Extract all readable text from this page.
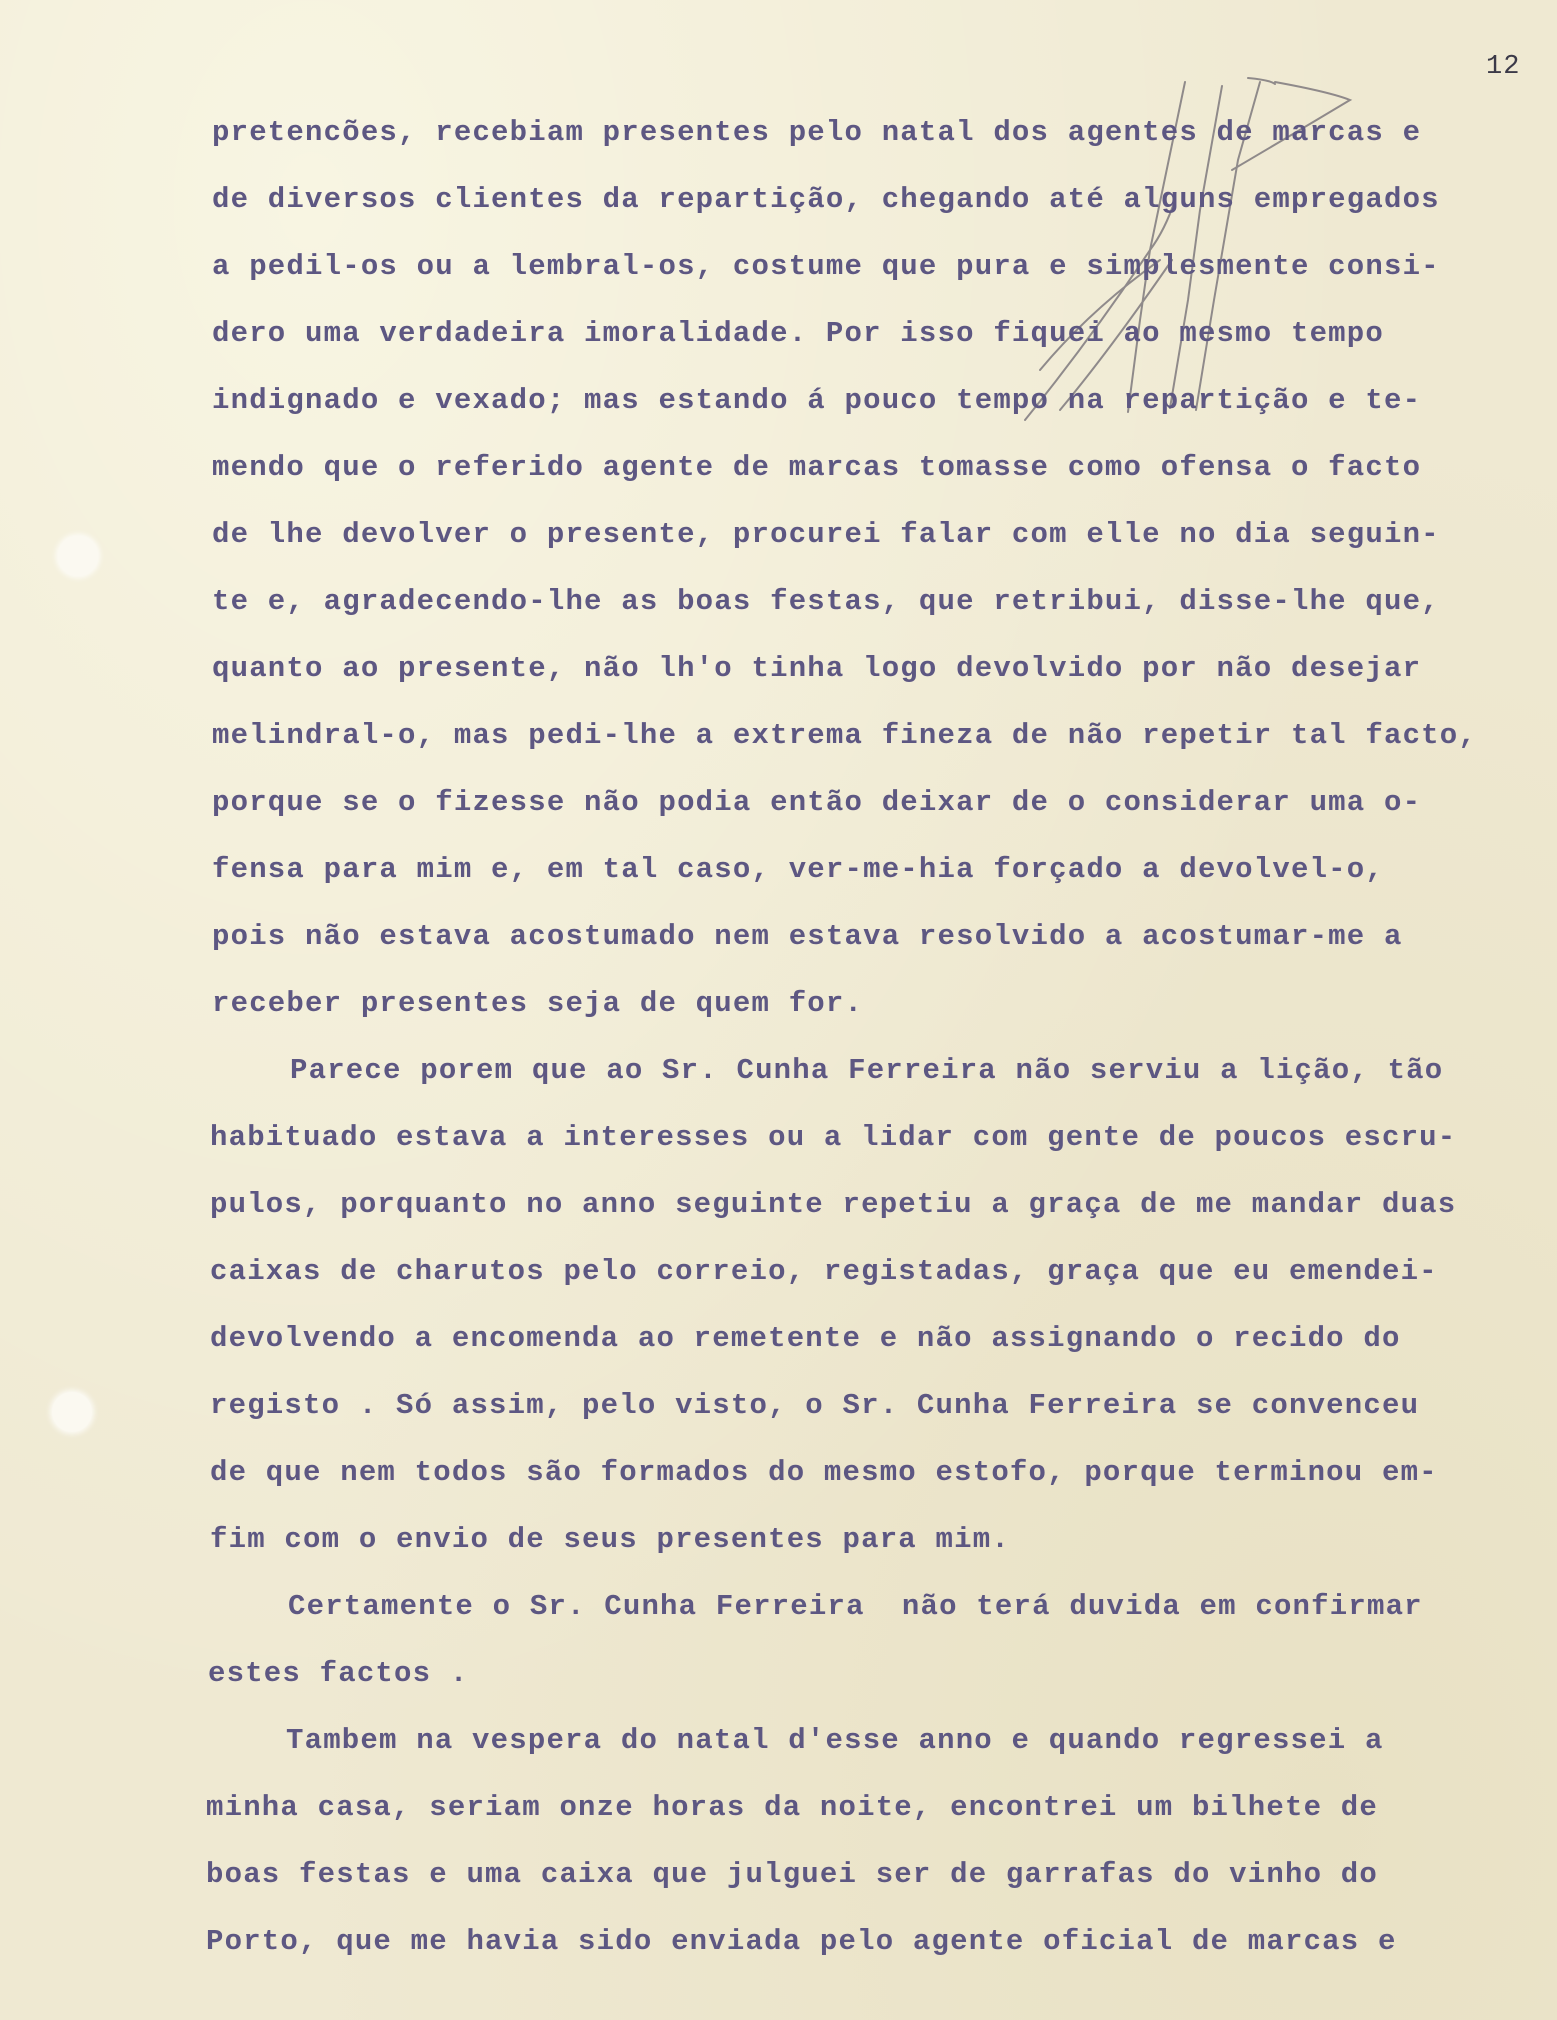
12
pretencões, recebiam presentes pelo natal dos agentes de marcas e
de diversos clientes da repartição, chegando até alguns empregados
a pedil-os ou a lembral-os, costume que pura e simplesmente consi-
dero uma verdadeira imoralidade. Por isso fiquei ao mesmo tempo
indignado e vexado; mas estando á pouco tempo na repartição e te-
mendo que o referido agente de marcas tomasse como ofensa o facto
de lhe devolver o presente, procurei falar com elle no dia seguin-
te e, agradecendo-lhe as boas festas, que retribui, disse-lhe que,
quanto ao presente, não lh'o tinha logo devolvido por não desejar
melindral-o, mas pedi-lhe a extrema fineza de não repetir tal facto,
porque se o fizesse não podia então deixar de o considerar uma o-
fensa para mim e, em tal caso, ver-me-hia forçado a devolvel-o,
pois não estava acostumado nem estava resolvido a acostumar-me a
receber presentes seja de quem for.
Parece porem que ao Sr. Cunha Ferreira não serviu a lição, tão
habituado estava a interesses ou a lidar com gente de poucos escru-
pulos, porquanto no anno seguinte repetiu a graça de me mandar duas
caixas de charutos pelo correio, registadas, graça que eu emendei-
devolvendo a encomenda ao remetente e não assignando o recido do
registo . Só assim, pelo visto, o Sr. Cunha Ferreira se convenceu
de que nem todos são formados do mesmo estofo, porque terminou em-
fim com o envio de seus presentes para mim.
Certamente o Sr. Cunha Ferreira  não terá duvida em confirmar
estes factos .
Tambem na vespera do natal d'esse anno e quando regressei a
minha casa, seriam onze horas da noite, encontrei um bilhete de
boas festas e uma caixa que julguei ser de garrafas do vinho do
Porto, que me havia sido enviada pelo agente oficial de marcas e
